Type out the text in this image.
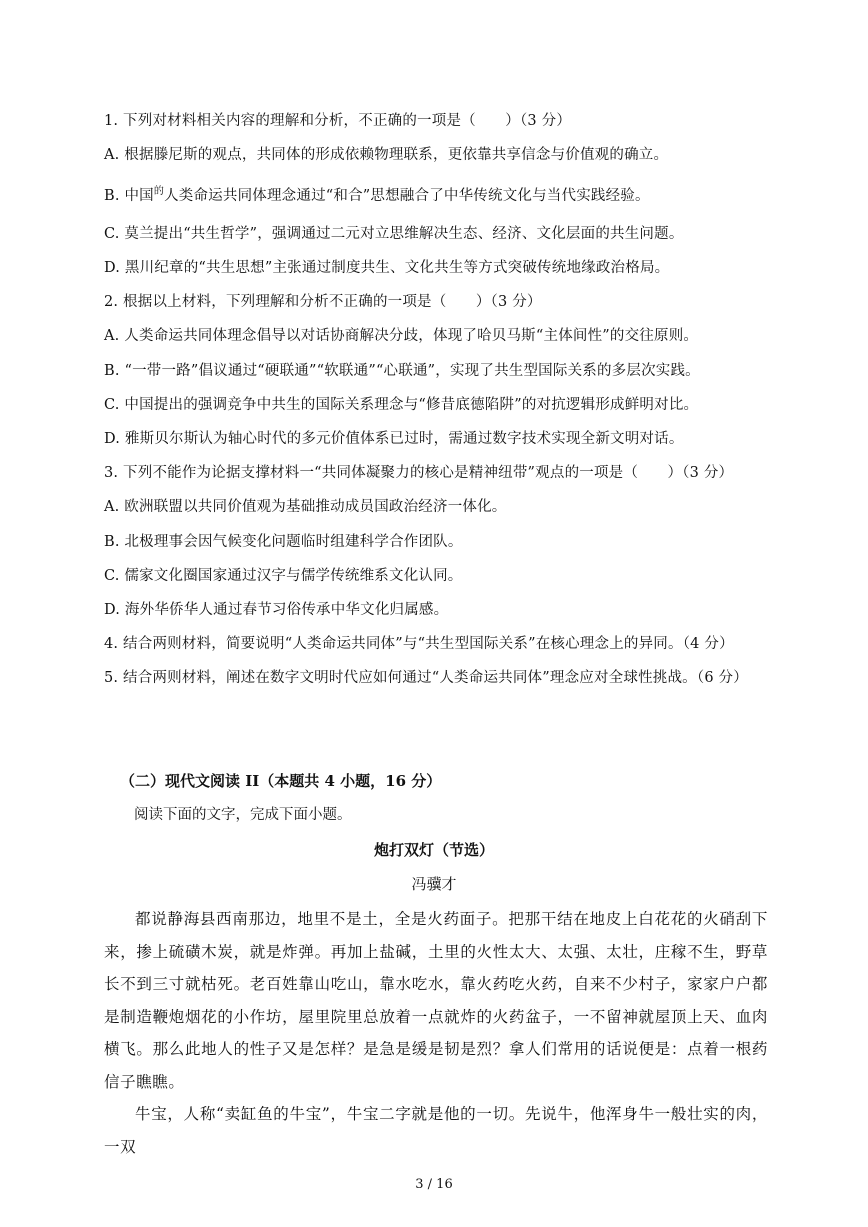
1. 下列对材料相关内容的理解和分析，不正确的一项是（　　）（3 分）
A. 根据滕尼斯的观点，共同体的形成依赖物理联系，更依靠共享信念与价值观的确立。
B. 中国$^的$人类命运共同体理念通过“和合”思想融合了中华传统文化与当代实践经验。
C. 莫兰提出“共生哲学”，强调通过二元对立思维解决生态、经济、文化层面的共生问题。
D. 黑川纪章的“共生思想”主张通过制度共生、文化共生等方式突破传统地缘政治格局。
2. 根据以上材料，下列理解和分析不正确的一项是（　　）（3 分）
A. 人类命运共同体理念倡导以对话协商解决分歧，体现了哈贝马斯“主体间性”的交往原则。
B. “一带一路”倡议通过“硬联通”“软联通”“心联通”，实现了共生型国际关系的多层次实践。
C. 中国提出的强调竞争中共生的国际关系理念与“修昔底德陷阱”的对抗逻辑形成鲜明对比。
D. 雅斯贝尔斯认为轴心时代的多元价值体系已过时，需通过数字技术实现全新文明对话。
3. 下列不能作为论据支撑材料一“共同体凝聚力的核心是精神纽带”观点的一项是（　　）（3 分）
A. 欧洲联盟以共同价值观为基础推动成员国政治经济一体化。
B. 北极理事会因气候变化问题临时组建科学合作团队。
C. 儒家文化圈国家通过汉字与儒学传统维系文化认同。
D. 海外华侨华人通过春节习俗传承中华文化归属感。
4. 结合两则材料，简要说明“人类命运共同体”与“共生型国际关系”在核心理念上的异同。（4 分）
5. 结合两则材料，阐述在数字文明时代应如何通过“人类命运共同体”理念应对全球性挑战。（6 分）
（二）现代文阅读 II（本题共 4 小题，16 分）
阅读下面的文字，完成下面小题。
炮打双灯（节选）
冯骥才

都说静海县西南那边，地里不是土，全是火药面子。把那干结在地皮上白花花的火硝刮下来，掺上硫磺木炭，就是炸弹。再加上盐碱，土里的火性太大、太强、太壮，庄稼不生，野草长不到三寸就枯死。老百姓靠山吃山，靠水吃水，靠火药吃火药，自来不少村子，家家户户都是制造鞭炮烟花的小作坊，屋里院里总放着一点就炸的火药盆子，一不留神就屋顶上天、血肉横飞。那么此地人的性子又是怎样？是急是缓是韧是烈？拿人们常用的话说便是：点着一根药信子瞧瞧。

牛宝，人称“卖缸鱼的牛宝”，牛宝二字就是他的一切。先说牛，他浑身牛一般壮实的肉，一双

3 / 16
